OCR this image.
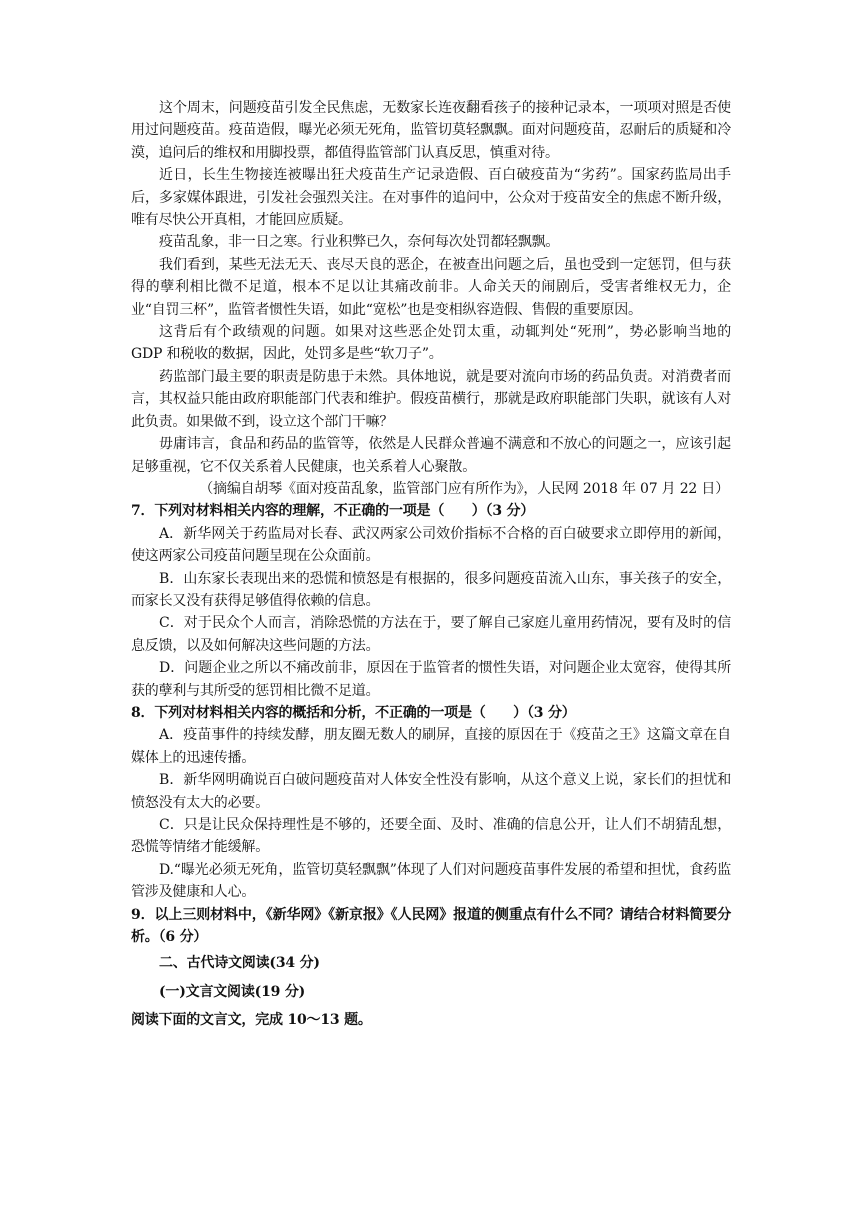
这个周末，问题疫苗引发全民焦虑，无数家长连夜翻看孩子的接种记录本，一项项对照是否使用过问题疫苗。疫苗造假，曝光必须无死角，监管切莫轻飘飘。面对问题疫苗，忍耐后的质疑和冷漠，追问后的维权和用脚投票，都值得监管部门认真反思，慎重对待。

近日，长生生物接连被曝出狂犬疫苗生产记录造假、百白破疫苗为“劣药”。国家药监局出手后，多家媒体跟进，引发社会强烈关注。在对事件的追问中，公众对于疫苗安全的焦虑不断升级，唯有尽快公开真相，才能回应质疑。

疫苗乱象，非一日之寒。行业积弊已久，奈何每次处罚都轻飘飘。

我们看到，某些无法无天、丧尽天良的恶企，在被查出问题之后，虽也受到一定惩罚，但与获得的孽利相比微不足道，根本不足以让其痛改前非。人命关天的闹剧后，受害者维权无力，企业“自罚三杯”，监管者惯性失语，如此“宽松”也是变相纵容造假、售假的重要原因。

这背后有个政绩观的问题。如果对这些恶企处罚太重，动辄判处“死刑”，势必影响当地的 GDP 和税收的数据，因此，处罚多是些“软刀子”。

药监部门最主要的职责是防患于未然。具体地说，就是要对流向市场的药品负责。对消费者而言，其权益只能由政府职能部门代表和维护。假疫苗横行，那就是政府职能部门失职，就该有人对此负责。如果做不到，设立这个部门干嘛？

毋庸讳言，食品和药品的监管等，依然是人民群众普遍不满意和不放心的问题之一，应该引起足够重视，它不仅关系着人民健康，也关系着人心聚散。

（摘编自胡琴《面对疫苗乱象，监管部门应有所作为》，人民网 2018 年 07 月 22 日）

7．下列对材料相关内容的理解，不正确的一项是（　　）（3 分）

A．新华网关于药监局对长春、武汉两家公司效价指标不合格的百白破要求立即停用的新闻，使这两家公司疫苗问题呈现在公众面前。

B．山东家长表现出来的恐慌和愤怒是有根据的，很多问题疫苗流入山东，事关孩子的安全，而家长又没有获得足够值得依赖的信息。

C．对于民众个人而言，消除恐慌的方法在于，要了解自己家庭儿童用药情况，要有及时的信息反馈，以及如何解决这些问题的方法。

D．问题企业之所以不痛改前非，原因在于监管者的惯性失语，对问题企业太宽容，使得其所获的孽利与其所受的惩罚相比微不足道。

8．下列对材料相关内容的概括和分析，不正确的一项是（　　）（3 分）

A．疫苗事件的持续发酵，朋友圈无数人的刷屏，直接的原因在于《疫苗之王》这篇文章在自媒体上的迅速传播。

B．新华网明确说百白破问题疫苗对人体安全性没有影响，从这个意义上说，家长们的担忧和愤怒没有太大的必要。

C．只是让民众保持理性是不够的，还要全面、及时、准确的信息公开，让人们不胡猜乱想，恐慌等情绪才能缓解。

D.“曝光必须无死角，监管切莫轻飘飘”体现了人们对问题疫苗事件发展的希望和担忧，食药监管涉及健康和人心。

9．以上三则材料中，《新华网》《新京报》《人民网》报道的侧重点有什么不同？请结合材料简要分析。（6 分）

二、古代诗文阅读(34 分)

(一)文言文阅读(19 分)

阅读下面的文言文，完成 10～13 题。
